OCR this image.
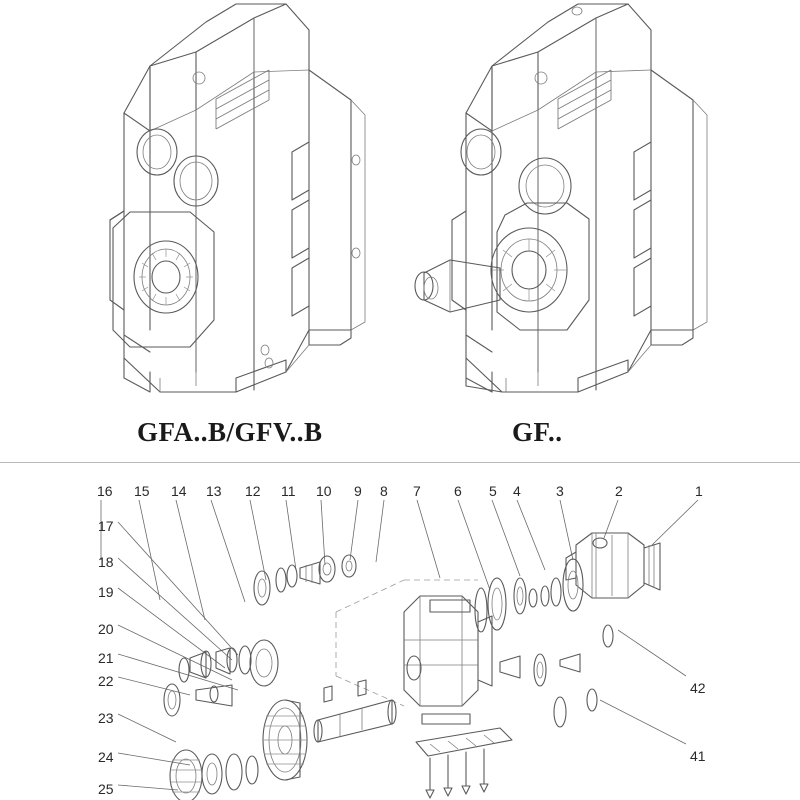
GFA..B/GFV..B	GF..
16 15 14 13 12 11 10 9 8 7 6 5 4	3	2	1
17
18
19
20
21
22
23
24
25
42
41
